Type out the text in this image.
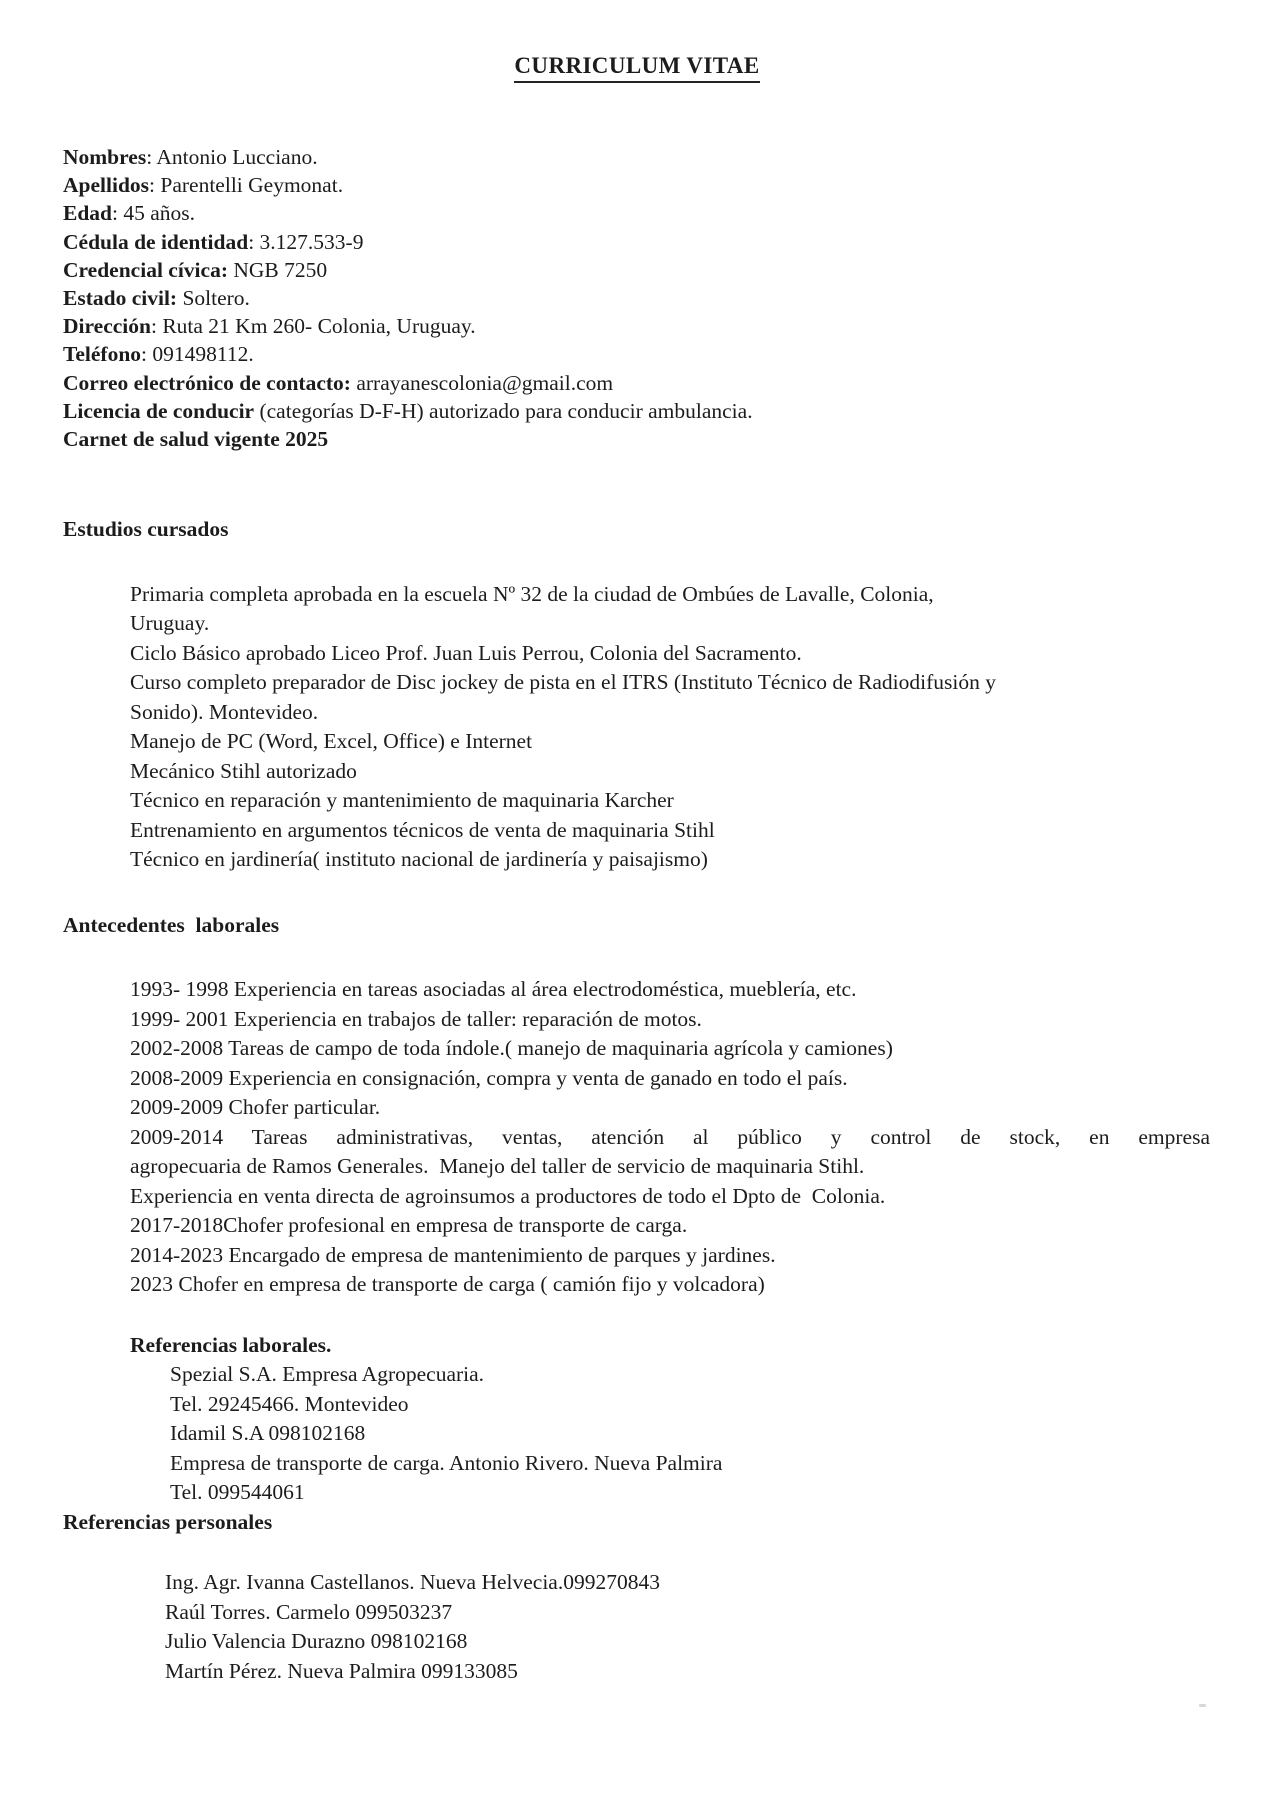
CURRICULUM VITAE
Nombres: Antonio Lucciano.
Apellidos: Parentelli Geymonat.
Edad: 45 años.
Cédula de identidad: 3.127.533-9
Credencial cívica: NGB 7250
Estado civil: Soltero.
Dirección: Ruta 21 Km 260- Colonia, Uruguay.
Teléfono: 091498112.
Correo electrónico de contacto: arrayanescolonia@gmail.com
Licencia de conducir (categorías D-F-H) autorizado para conducir ambulancia.
Carnet de salud vigente 2025
Estudios cursados
Primaria completa aprobada en la escuela Nº 32 de la ciudad de Ombúes de Lavalle, Colonia,
Uruguay.
Ciclo Básico aprobado Liceo Prof. Juan Luis Perrou, Colonia del Sacramento.
Curso completo preparador de Disc jockey de pista en el ITRS (Instituto Técnico de Radiodifusión y
Sonido). Montevideo.
Manejo de PC (Word, Excel, Office) e Internet
Mecánico Stihl autorizado
Técnico en reparación y mantenimiento de maquinaria Karcher
Entrenamiento en argumentos técnicos de venta de maquinaria Stihl
Técnico en jardinería( instituto nacional de jardinería y paisajismo)
Antecedentes  laborales
1993- 1998 Experiencia en tareas asociadas al área electrodoméstica, mueblería, etc.
1999- 2001 Experiencia en trabajos de taller: reparación de motos.
2002-2008 Tareas de campo de toda índole.( manejo de maquinaria agrícola y camiones)
2008-2009 Experiencia en consignación, compra y venta de ganado en todo el país.
2009-2009 Chofer particular.
2009-2014 Tareas administrativas, ventas, atención al público y control de stock, en empresa
agropecuaria de Ramos Generales.  Manejo del taller de servicio de maquinaria Stihl.
Experiencia en venta directa de agroinsumos a productores de todo el Dpto de  Colonia.
2017-2018Chofer profesional en empresa de transporte de carga.
2014-2023 Encargado de empresa de mantenimiento de parques y jardines.
2023 Chofer en empresa de transporte de carga ( camión fijo y volcadora)
Referencias laborales.
Spezial S.A. Empresa Agropecuaria.
Tel. 29245466. Montevideo
Idamil S.A 098102168
Empresa de transporte de carga. Antonio Rivero. Nueva Palmira
Tel. 099544061
Referencias personales
Ing. Agr. Ivanna Castellanos. Nueva Helvecia.099270843
Raúl Torres. Carmelo 099503237
Julio Valencia Durazno 098102168
Martín Pérez. Nueva Palmira 099133085
